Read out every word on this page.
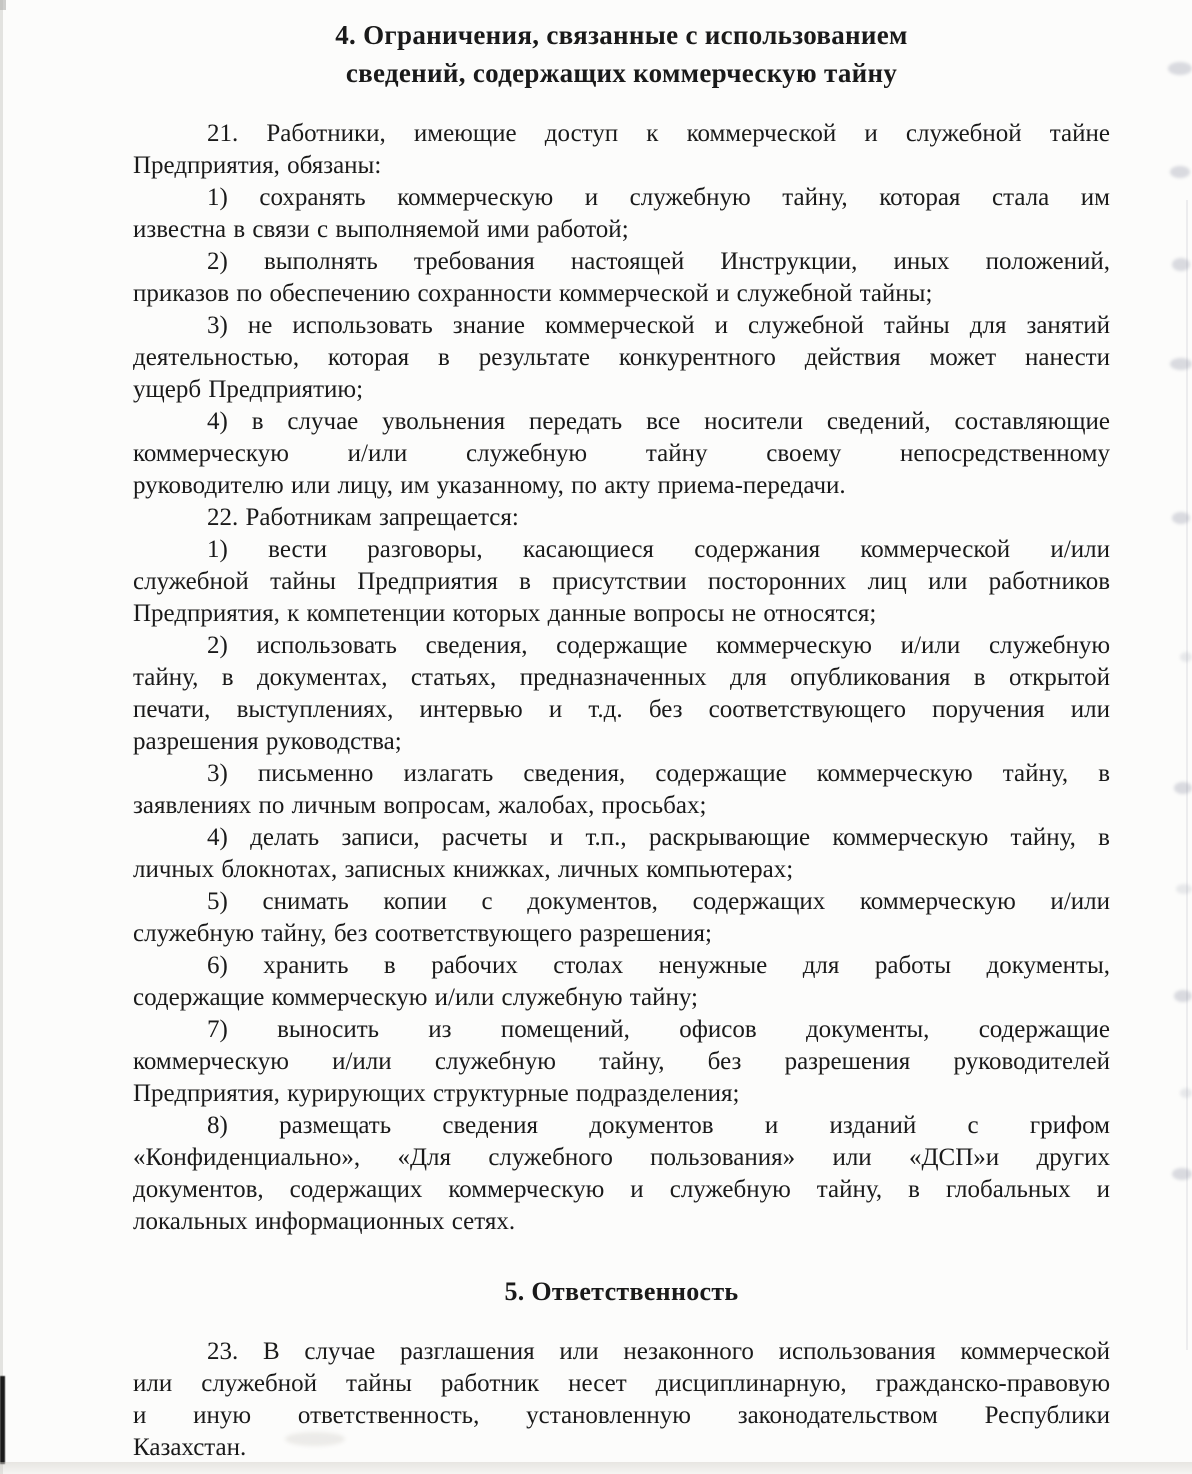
4. Ограничения, связанные с использованием
сведений, содержащих коммерческую тайну
21. Работники, имеющие доступ к коммерческой и служебной тайне
Предприятия, обязаны:
1) сохранять коммерческую и служебную тайну, которая стала им
известна в связи с выполняемой ими работой;
2) выполнять требования настоящей Инструкции, иных положений,
приказов по обеспечению сохранности коммерческой и служебной тайны;
3) не использовать знание коммерческой и служебной тайны для занятий
деятельностью, которая в результате конкурентного действия может нанести
ущерб Предприятию;
4) в случае увольнения передать все носители сведений, составляющие
коммерческую и/или служебную тайну своему непосредственному
руководителю или лицу, им указанному, по акту приема-передачи.
22. Работникам запрещается:
1) вести разговоры, касающиеся содержания коммерческой и/или
служебной тайны Предприятия в присутствии посторонних лиц или работников
Предприятия, к компетенции которых данные вопросы не относятся;
2) использовать сведения, содержащие коммерческую и/или служебную
тайну, в документах, статьях, предназначенных для опубликования в открытой
печати, выступлениях, интервью и т.д. без соответствующего поручения или
разрешения руководства;
3) письменно излагать сведения, содержащие коммерческую тайну, в
заявлениях по личным вопросам, жалобах, просьбах;
4) делать записи, расчеты и т.п., раскрывающие коммерческую тайну, в
личных блокнотах, записных книжках, личных компьютерах;
5) снимать копии с документов, содержащих коммерческую и/или
служебную тайну, без соответствующего разрешения;
6) хранить в рабочих столах ненужные для работы документы,
содержащие коммерческую и/или служебную тайну;
7) выносить из помещений, офисов документы, содержащие
коммерческую и/или служебную тайну, без разрешения руководителей
Предприятия, курирующих структурные подразделения;
8) размещать сведения документов и изданий с грифом
«Конфиденциально», «Для служебного пользования» или «ДСП»и других
документов, содержащих коммерческую и служебную тайну, в глобальных и
локальных информационных сетях.
5. Ответственность
23. В случае разглашения или незаконного использования коммерческой
или служебной тайны работник несет дисциплинарную, гражданско-правовую
и иную ответственность, установленную законодательством Республики
Казахстан.
